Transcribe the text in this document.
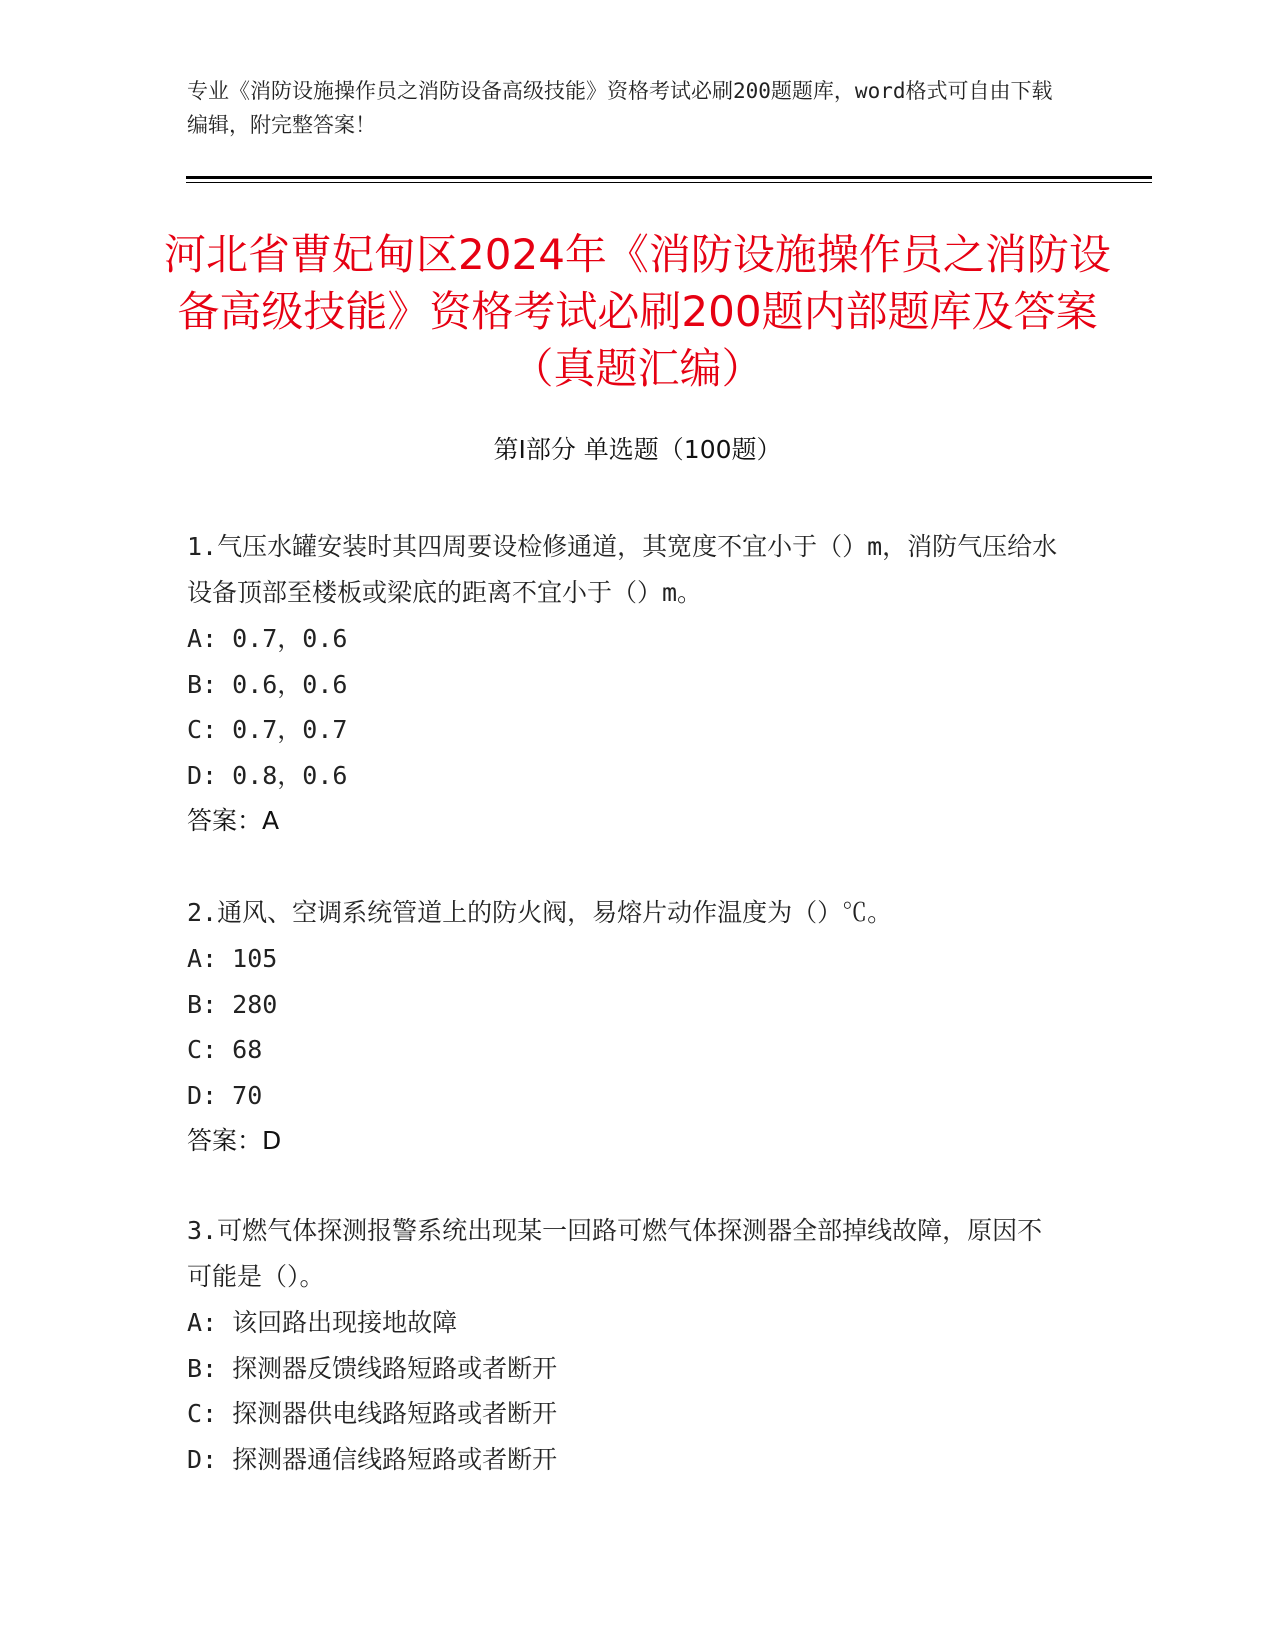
专业《消防设施操作员之消防设备高级技能》资格考试必刷200题题库，word格式可自由下载编辑，附完整答案！
河北省曹妃甸区2024年《消防设施操作员之消防设备高级技能》资格考试必刷200题内部题库及答案（真题汇编）
第Ⅰ部分 单选题（100题）

1.气压水罐安装时其四周要设检修通道，其宽度不宜小于（）m，消防气压给水设备顶部至楼板或梁底的距离不宜小于（）m。

A: 0.7，0.6
B: 0.6，0.6
C: 0.7，0.7
D: 0.8，0.6
答案：A

2.通风、空调系统管道上的防火阀，易熔片动作温度为（）℃。

A: 105
B: 280
C: 68
D: 70
答案：D

3.可燃气体探测报警系统出现某一回路可燃气体探测器全部掉线故障，原因不可能是（）。

A: 该回路出现接地故障
B: 探测器反馈线路短路或者断开
C: 探测器供电线路短路或者断开
D: 探测器通信线路短路或者断开
